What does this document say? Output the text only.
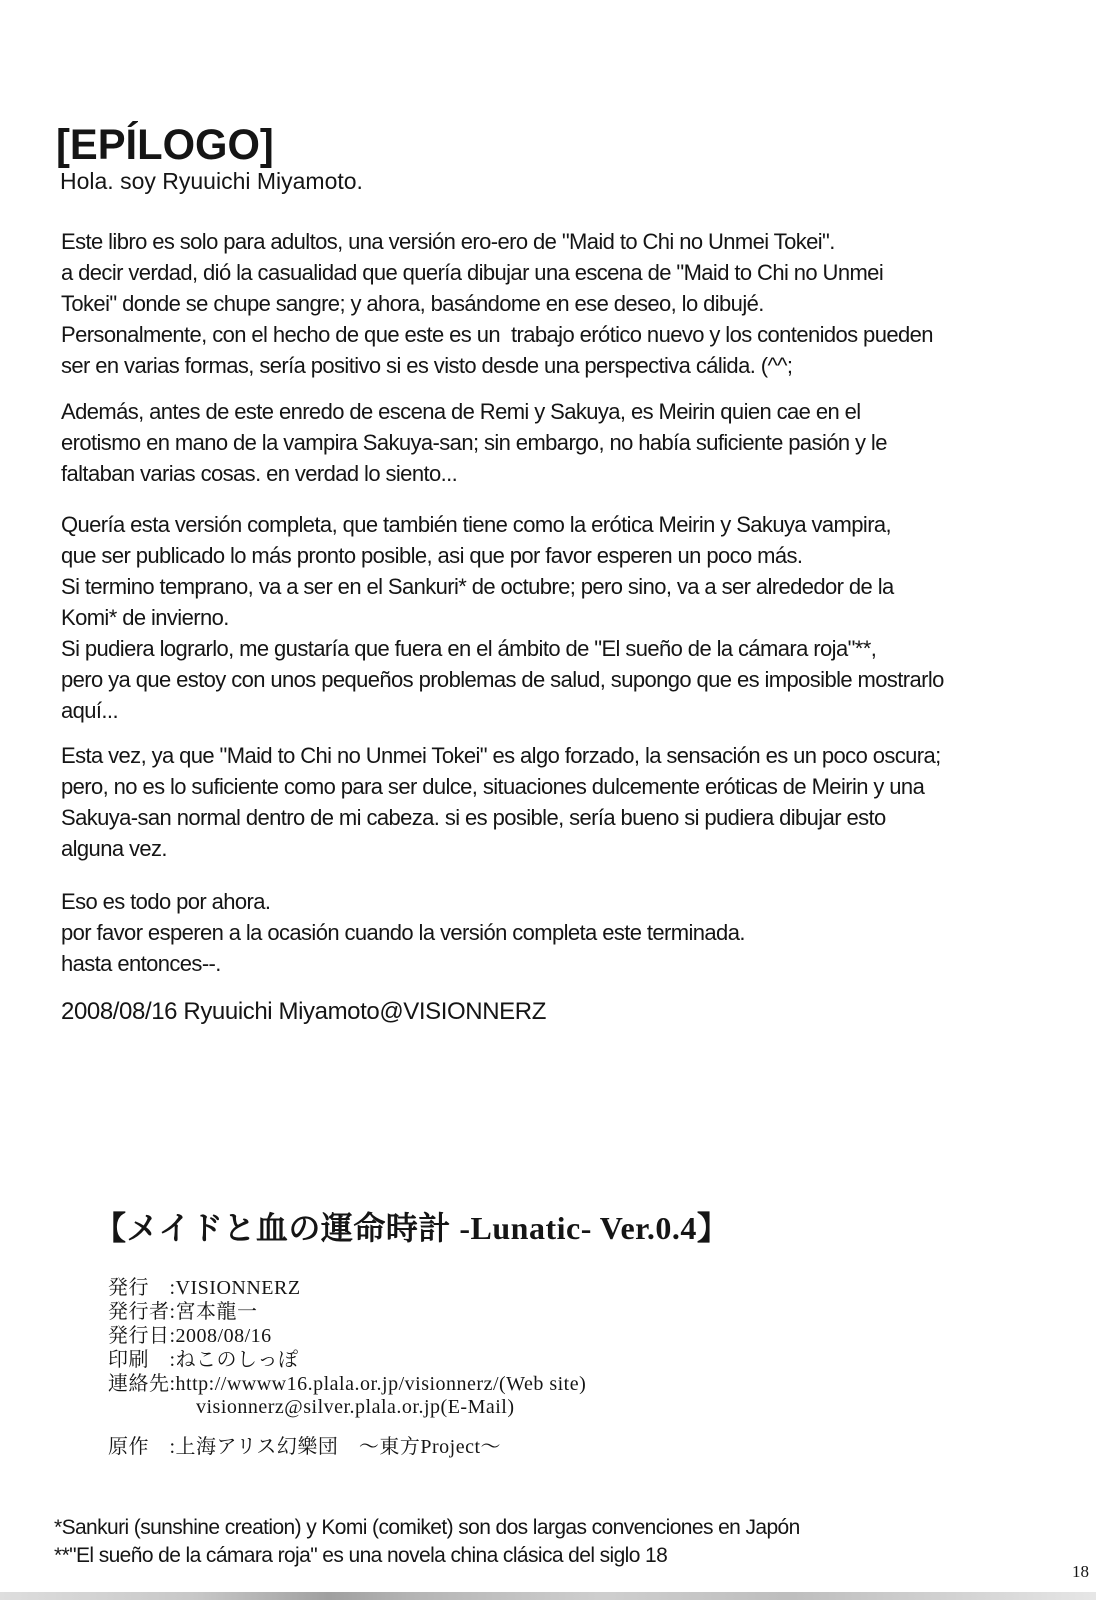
[EPÍLOGO]
Hola. soy Ryuuichi Miyamoto.
Este libro es solo para adultos, una versión ero-ero de "Maid to Chi no Unmei Tokei".
a decir verdad, dió la casualidad que quería dibujar una escena de "Maid to Chi no Unmei
Tokei" donde se chupe sangre; y ahora, basándome en ese deseo, lo dibujé.
Personalmente, con el hecho de que este es un  trabajo erótico nuevo y los contenidos pueden
ser en varias formas, sería positivo si es visto desde una perspectiva cálida. (^^;
Además, antes de este enredo de escena de Remi y Sakuya, es Meirin quien cae en el
erotismo en mano de la vampira Sakuya-san; sin embargo, no había suficiente pasión y le
faltaban varias cosas. en verdad lo siento...
Quería esta versión completa, que también tiene como la erótica Meirin y Sakuya vampira,
que ser publicado lo más pronto posible, asi que por favor esperen un poco más.
Si termino temprano, va a ser en el Sankuri* de octubre; pero sino, va a ser alrededor de la
Komi* de invierno.
Si pudiera lograrlo, me gustaría que fuera en el ámbito de "El sueño de la cámara roja"**,
pero ya que estoy con unos pequeños problemas de salud, supongo que es imposible mostrarlo
aquí...
Esta vez, ya que "Maid to Chi no Unmei Tokei" es algo forzado, la sensación es un poco oscura;
pero, no es lo suficiente como para ser dulce, situaciones dulcemente eróticas de Meirin y una
Sakuya-san normal dentro de mi cabeza. si es posible, sería bueno si pudiera dibujar esto
alguna vez.
Eso es todo por ahora.
por favor esperen a la ocasión cuando la versión completa este terminada.
hasta entonces--.
2008/08/16 Ryuuichi Miyamoto@VISIONNERZ
【メイドと血の運命時計 -Lunatic- Ver.0.4】
発行　:VISIONNERZ
発行者:宮本龍一
発行日:2008/08/16
印刷　:ねこのしっぽ
連絡先:http://wwww16.plala.or.jp/visionnerz/(Web site)
visionnerz@silver.plala.or.jp(E-Mail)
原作　:上海アリス幻樂団　～東方Project～
*Sankuri (sunshine creation) y Komi (comiket) son dos largas convenciones en Japón
**"El sueño de la cámara roja" es una novela china clásica del siglo 18
18
